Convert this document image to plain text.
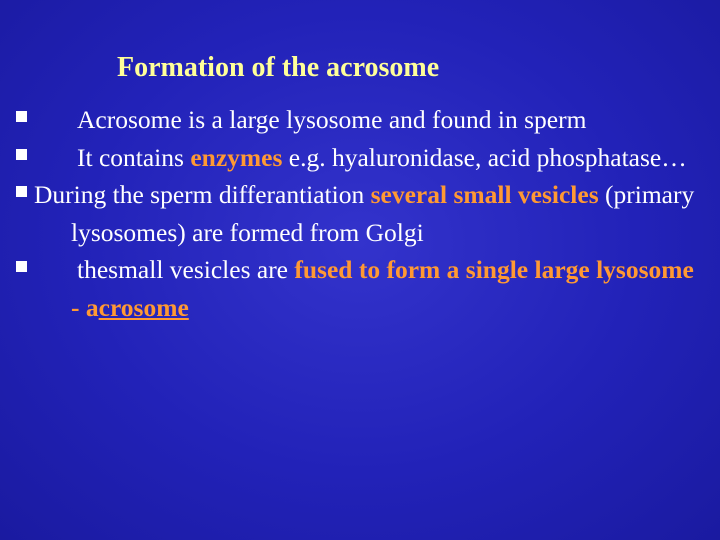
Formation of the acrosome
Acrosome is a large lysosome and found in sperm
It contains enzymes e.g. hyaluronidase, acid phosphatase…
During the sperm differantiation several small vesicles (primary lysosomes) are formed from Golgi
thesmall vesicles are fused to form a single large lysosome - acrosome
